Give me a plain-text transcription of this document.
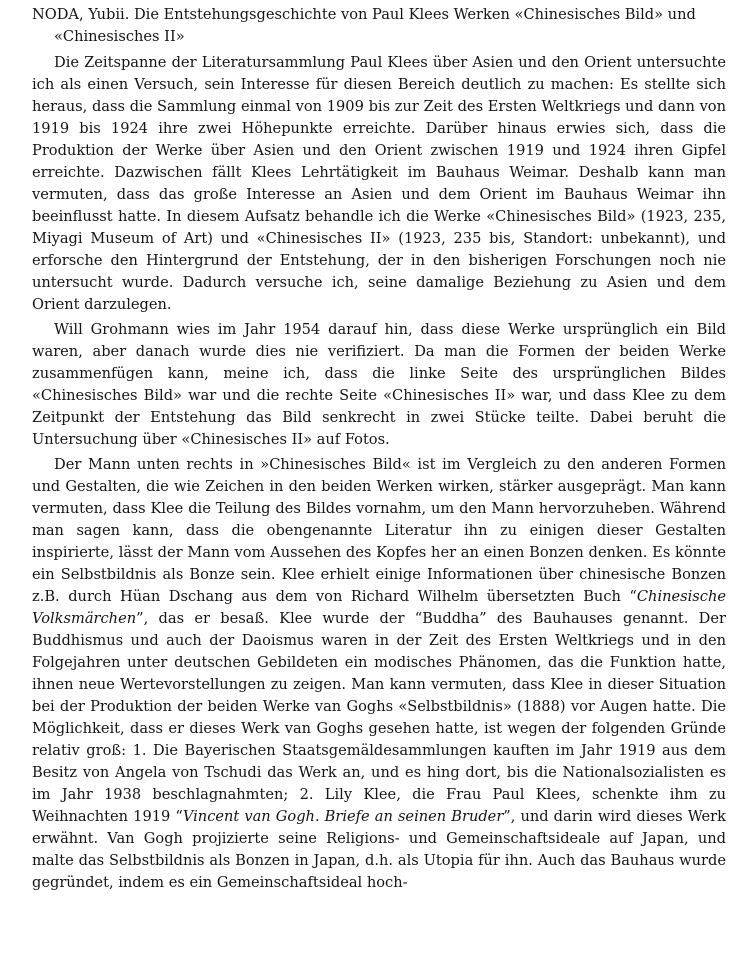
NODA, Yubii. Die Entstehungsgeschichte von Paul Klees Werken «Chinesisches Bild» und «Chinesisches II»

Die Zeitspanne der Literatursammlung Paul Klees über Asien und den Orient untersuchte ich als einen Versuch, sein Interesse für diesen Bereich deutlich zu machen: Es stellte sich heraus, dass die Sammlung einmal von 1909 bis zur Zeit des Ersten Weltkriegs und dann von 1919 bis 1924 ihre zwei Höhepunkte erreichte. Darüber hinaus erwies sich, dass die Produktion der Werke über Asien und den Orient zwischen 1919 und 1924 ihren Gipfel erreichte. Dazwischen fällt Klees Lehrtätigkeit im Bauhaus Weimar. Deshalb kann man vermuten, dass das große Interesse an Asien und dem Orient im Bauhaus Weimar ihn beeinflusst hatte. In diesem Aufsatz behandle ich die Werke «Chinesisches Bild» (1923, 235, Miyagi Museum of Art) und «Chinesisches II» (1923, 235 bis, Standort: unbekannt), und erforsche den Hintergrund der Entstehung, der in den bisherigen Forschungen noch nie untersucht wurde. Dadurch versuche ich, seine damalige Beziehung zu Asien und dem Orient darzulegen.

Will Grohmann wies im Jahr 1954 darauf hin, dass diese Werke ursprünglich ein Bild waren, aber danach wurde dies nie verifiziert. Da man die Formen der beiden Werke zusammenfügen kann, meine ich, dass die linke Seite des ursprünglichen Bildes «Chinesisches Bild» war und die rechte Seite «Chinesisches II» war, und dass Klee zu dem Zeitpunkt der Entstehung das Bild senkrecht in zwei Stücke teilte. Dabei beruht die Untersuchung über «Chinesisches II» auf Fotos.

Der Mann unten rechts in »Chinesisches Bild« ist im Vergleich zu den anderen Formen und Gestalten, die wie Zeichen in den beiden Werken wirken, stärker ausgeprägt. Man kann vermuten, dass Klee die Teilung des Bildes vornahm, um den Mann hervorzuheben. Während man sagen kann, dass die obengenannte Literatur ihn zu einigen dieser Gestalten inspirierte, lässt der Mann vom Aussehen des Kopfes her an einen Bonzen denken. Es könnte ein Selbstbildnis als Bonze sein. Klee erhielt einige Informationen über chinesische Bonzen z.B. durch Hüan Dschang aus dem von Richard Wilhelm übersetzten Buch “Chinesische Volksmärchen”, das er besaß. Klee wurde der “Buddha” des Bauhauses genannt. Der Buddhismus und auch der Daoismus waren in der Zeit des Ersten Weltkriegs und in den Folgejahren unter deutschen Gebildeten ein modisches Phänomen, das die Funktion hatte, ihnen neue Wertevorstellungen zu zeigen. Man kann vermuten, dass Klee in dieser Situation bei der Produktion der beiden Werke van Goghs «Selbstbildnis» (1888) vor Augen hatte. Die Möglichkeit, dass er dieses Werk van Goghs gesehen hatte, ist wegen der folgenden Gründe relativ groß: 1. Die Bayerischen Staatsgemäldesammlungen kauften im Jahr 1919 aus dem Besitz von Angela von Tschudi das Werk an, und es hing dort, bis die Nationalsozialisten es im Jahr 1938 beschlagnahmten; 2. Lily Klee, die Frau Paul Klees, schenkte ihm zu Weihnachten 1919 “Vincent van Gogh. Briefe an seinen Bruder”, und darin wird dieses Werk erwähnt. Van Gogh projizierte seine Religions- und Gemeinschaftsideale auf Japan, und malte das Selbstbildnis als Bonzen in Japan, d.h. als Utopia für ihn. Auch das Bauhaus wurde gegründet, indem es ein Gemeinschaftsideal hoch-
